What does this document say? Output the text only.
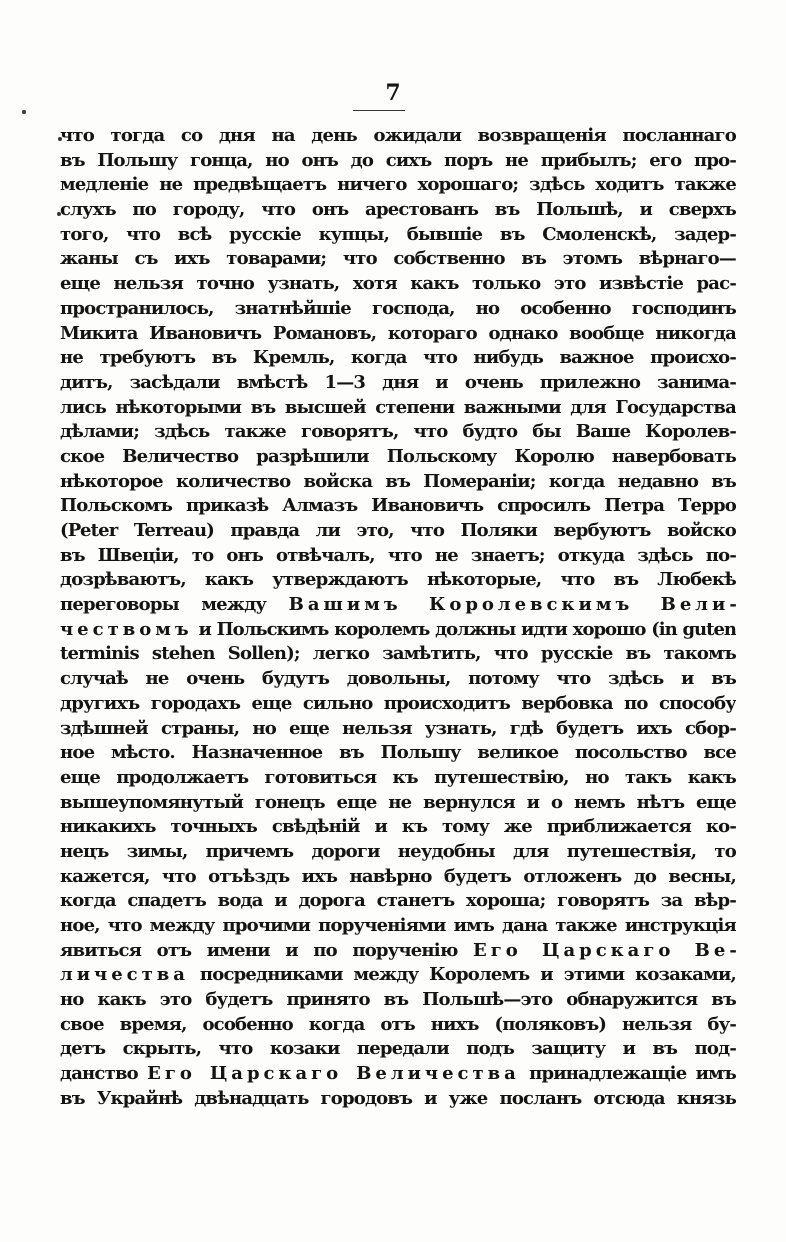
7
что тогда со дня на день ожидали возвращенія посланнаго
въ Польшу гонца, но онъ до сихъ поръ не прибылъ; его про-
медленіе не предвѣщаетъ ничего хорошаго; здѣсь ходитъ также
слухъ по городу, что онъ арестованъ въ Польшѣ, и сверхъ
того, что всѣ русскіе купцы, бывшіе въ Смоленскѣ, задер-
жаны съ ихъ товарами; что собственно въ этомъ вѣрнаго—
еще нельзя точно узнать, хотя какъ только это извѣстіе рас-
пространилось, знатнѣйшіе господа, но особенно господинъ
Микита Ивановичъ Романовъ, котораго однако вообще никогда
не требуютъ въ Кремль, когда что нибудь важное происхо-
дитъ, засѣдали вмѣстѣ 1—3 дня и очень прилежно занима-
лись нѣкоторыми въ высшей степени важными для Государства
дѣлами; здѣсь также говорятъ, что будто бы Ваше Королев-
ское Величество разрѣшили Польскому Королю навербовать
нѣкоторое количество войска въ Помераніи; когда недавно въ
Польскомъ приказѣ Алмазъ Ивановичъ спросилъ Петра Терро
(Peter Terreau) правда ли это, что Поляки вербуютъ войско
въ Швеціи, то онъ отвѣчалъ, что не знаетъ; откуда здѣсь по-
дозрѣваютъ, какъ утверждаютъ нѣкоторые, что въ Любекѣ
переговоры между Вашимъ Королевскимъ Вели-
чествомъ и Польскимъ королемъ должны идти хорошо (in guten
terminis stehen Sollen); легко замѣтить, что русскіе въ такомъ
случаѣ не очень будутъ довольны, потому что здѣсь и въ
другихъ городахъ еще сильно происходитъ вербовка по способу
здѣшней страны, но еще нельзя узнать, гдѣ будетъ ихъ сбор-
ное мѣсто. Назначенное въ Польшу великое посольство все
еще продолжаетъ готовиться къ путешествію, но такъ какъ
вышеупомянутый гонецъ еще не вернулся и о немъ нѣтъ еще
никакихъ точныхъ свѣдѣній и къ тому же приближается ко-
нецъ зимы, причемъ дороги неудобны для путешествія, то
кажется, что отъѣздъ ихъ навѣрно будетъ отложенъ до весны,
когда спадетъ вода и дорога станетъ хороша; говорятъ за вѣр-
ное, что между прочими порученіями имъ дана также инструкція
явиться отъ имени и по порученію Его Царскаго Ве-
личества посредниками между Королемъ и этими козаками,
но какъ это будетъ принято въ Польшѣ—это обнаружится въ
свое время, особенно когда отъ нихъ (поляковъ) нельзя бу-
детъ скрыть, что козаки передали подъ защиту и въ под-
данство Его Царскаго Величества принадлежащіе имъ
въ Украйнѣ двѣнадцать городовъ и уже посланъ отсюда князь
